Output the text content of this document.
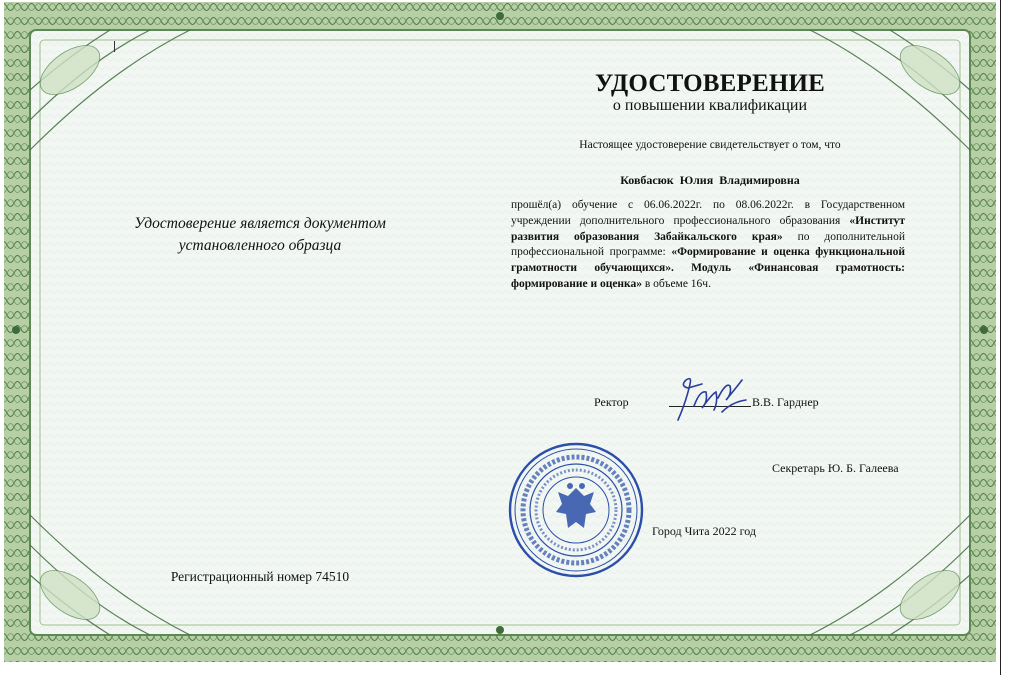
УДОСТОВЕРЕНИЕ
о повышении квалификации
Настоящее удостоверение свидетельствует о том, что
Ковбасюк Юлия Владимировна
прошёл(а) обучение с 06.06.2022г. по 08.06.2022г. в Государственном учреждении дополнительного профессионального образования «Институт развития образования Забайкальского края» по дополнительной профессиональной программе: «Формирование и оценка функциональной грамотности обучающихся». Модуль «Финансовая грамотность: формирование и оценка» в объеме 16ч.
Удостоверение является документом
установленного образца
Регистрационный номер 74510
Ректор	В.В. Гарднер
Секретарь Ю. Б. Галеева
Город Чита 2022 год
